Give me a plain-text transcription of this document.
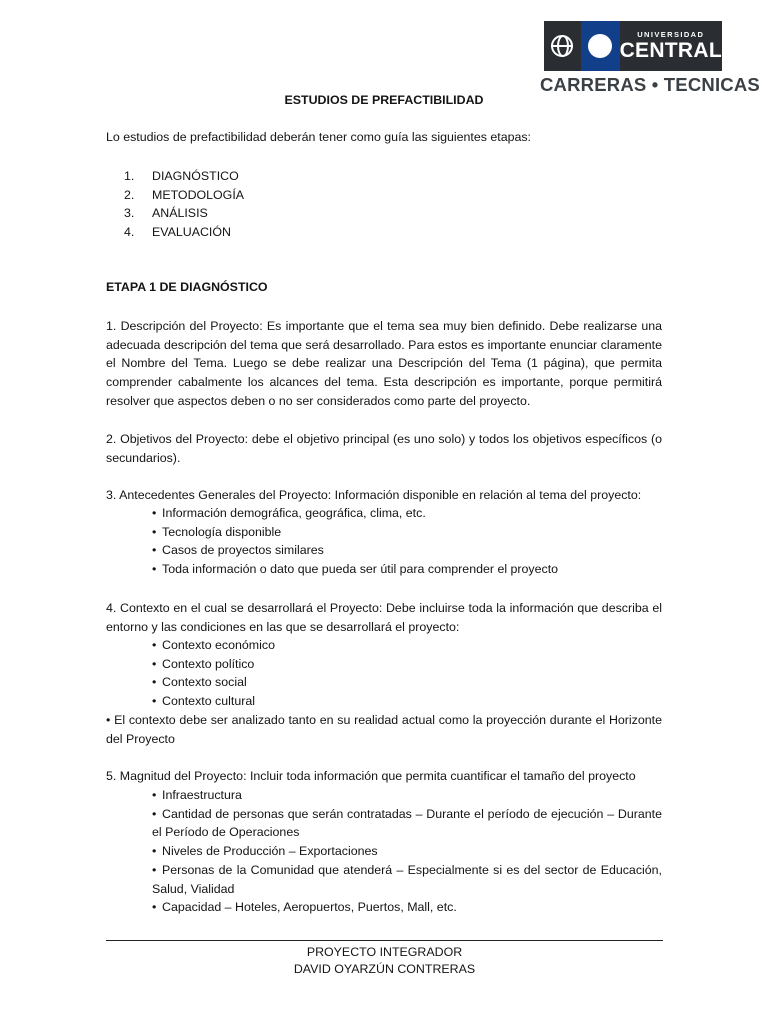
UNIVERSIDAD
CENTRAL
CARRERAS • TECNICAS
ESTUDIOS DE PREFACTIBILIDAD
Lo estudios de prefactibilidad deberán tener como guía las siguientes etapas:
1.	DIAGNÓSTICO
2.	METODOLOGÍA
3.	ANÁLISIS
4.	EVALUACIÓN
ETAPA 1 DE DIAGNÓSTICO

1. Descripción del Proyecto: Es importante que el tema sea muy bien definido. Debe realizarse una adecuada descripción del tema que será desarrollado. Para estos es importante enunciar claramente el Nombre del Tema. Luego se debe realizar una Descripción del Tema (1 página), que permita comprender cabalmente los alcances del tema. Esta descripción es importante, porque permitirá resolver que aspectos deben o no ser considerados como parte del proyecto.

2. Objetivos del Proyecto: debe el objetivo principal (es uno solo) y todos los objetivos específicos (o secundarios).

3. Antecedentes Generales del Proyecto: Información disponible en relación al tema del proyecto:

• Información demográfica, geográfica, clima, etc.
• Tecnología disponible
• Casos de proyectos similares
• Toda información o dato que pueda ser útil para comprender el proyecto

4. Contexto en el cual se desarrollará el Proyecto: Debe incluirse toda la información que describa el entorno y las condiciones en las que se desarrollará el proyecto:

• Contexto económico
• Contexto político
• Contexto social
• Contexto cultural

• El contexto debe ser analizado tanto en su realidad actual como la proyección durante el Horizonte del Proyecto

5. Magnitud del Proyecto: Incluir toda información que permita cuantificar el tamaño del proyecto

• Infraestructura
• Cantidad de personas que serán contratadas – Durante el período de ejecución – Durante el Período de Operaciones
• Niveles de Producción – Exportaciones
• Personas de la Comunidad que atenderá – Especialmente si es del sector de Educación, Salud, Vialidad
• Capacidad – Hoteles, Aeropuertos, Puertos, Mall, etc.
PROYECTO INTEGRADOR
DAVID OYARZÚN CONTRERAS
